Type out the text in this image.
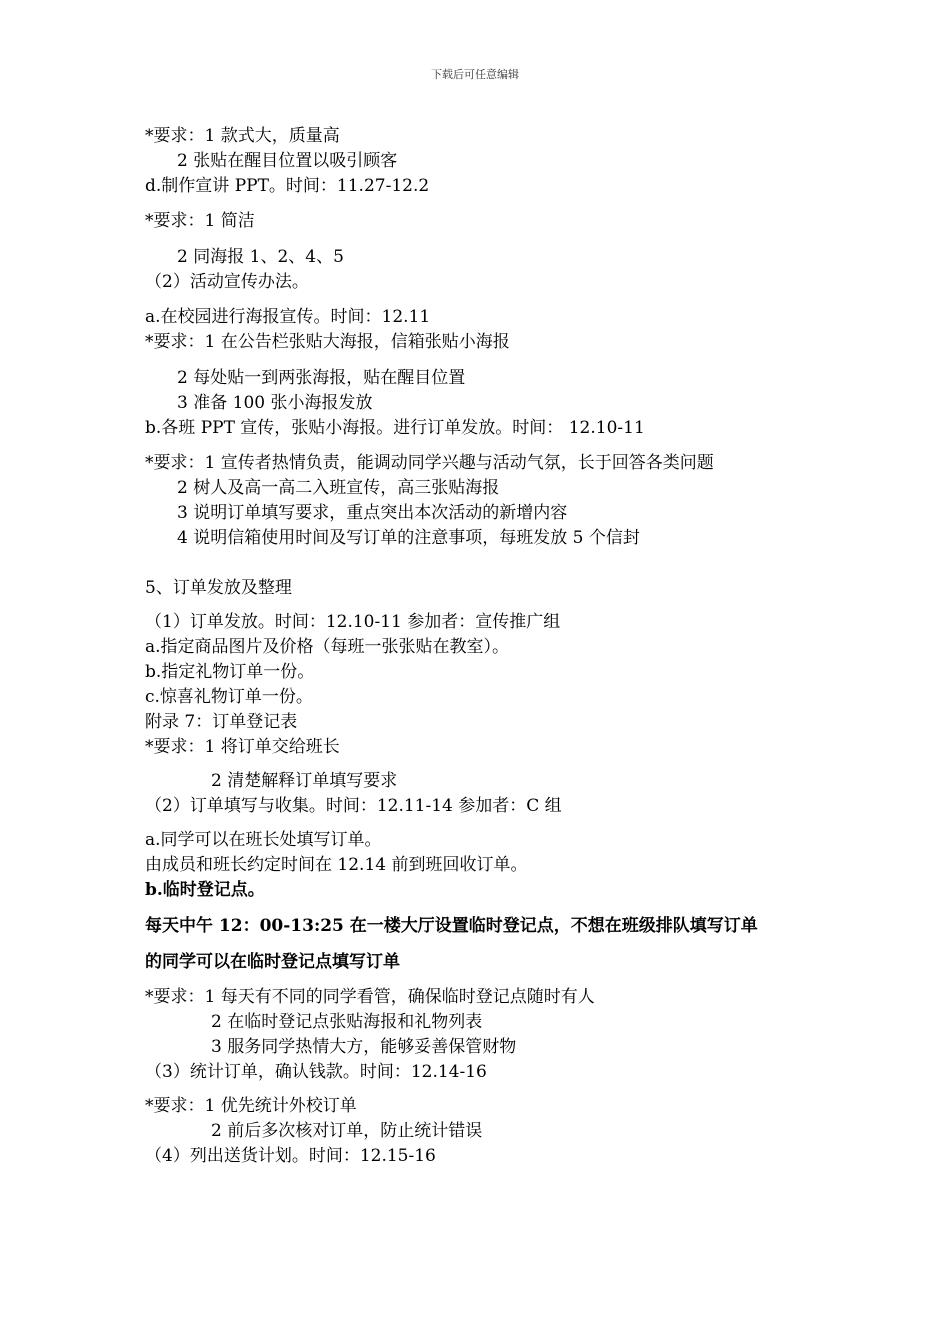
下载后可任意编辑
*要求：1 款式大，质量高
2 张贴在醒目位置以吸引顾客
d.制作宣讲 PPT。时间：11.27-12.2
*要求：1 简洁
2 同海报 1、2、4、5
（2）活动宣传办法。
a.在校园进行海报宣传。时间：12.11
*要求：1 在公告栏张贴大海报，信箱张贴小海报
2 每处贴一到两张海报，贴在醒目位置
3 准备 100 张小海报发放
b.各班 PPT 宣传，张贴小海报。进行订单发放。时间： 12.10-11
*要求：1 宣传者热情负责，能调动同学兴趣与活动气氛，长于回答各类问题
2 树人及高一高二入班宣传，高三张贴海报
3 说明订单填写要求，重点突出本次活动的新增内容
4 说明信箱使用时间及写订单的注意事项，每班发放 5 个信封
5、订单发放及整理
（1）订单发放。时间：12.10-11 参加者：宣传推广组
a.指定商品图片及价格（每班一张张贴在教室）。
b.指定礼物订单一份。
c.惊喜礼物订单一份。
附录 7：订单登记表
*要求：1 将订单交给班长
2 清楚解释订单填写要求
（2）订单填写与收集。时间：12.11-14 参加者：C 组
a.同学可以在班长处填写订单。
由成员和班长约定时间在 12.14 前到班回收订单。
b.临时登记点。
每天中午 12：00-13:25 在一楼大厅设置临时登记点，不想在班级排队填写订单
的同学可以在临时登记点填写订单
*要求：1 每天有不同的同学看管，确保临时登记点随时有人
2 在临时登记点张贴海报和礼物列表
3 服务同学热情大方，能够妥善保管财物
（3）统计订单，确认钱款。时间：12.14-16
*要求：1 优先统计外校订单
2 前后多次核对订单，防止统计错误
（4）列出送货计划。时间：12.15-16
